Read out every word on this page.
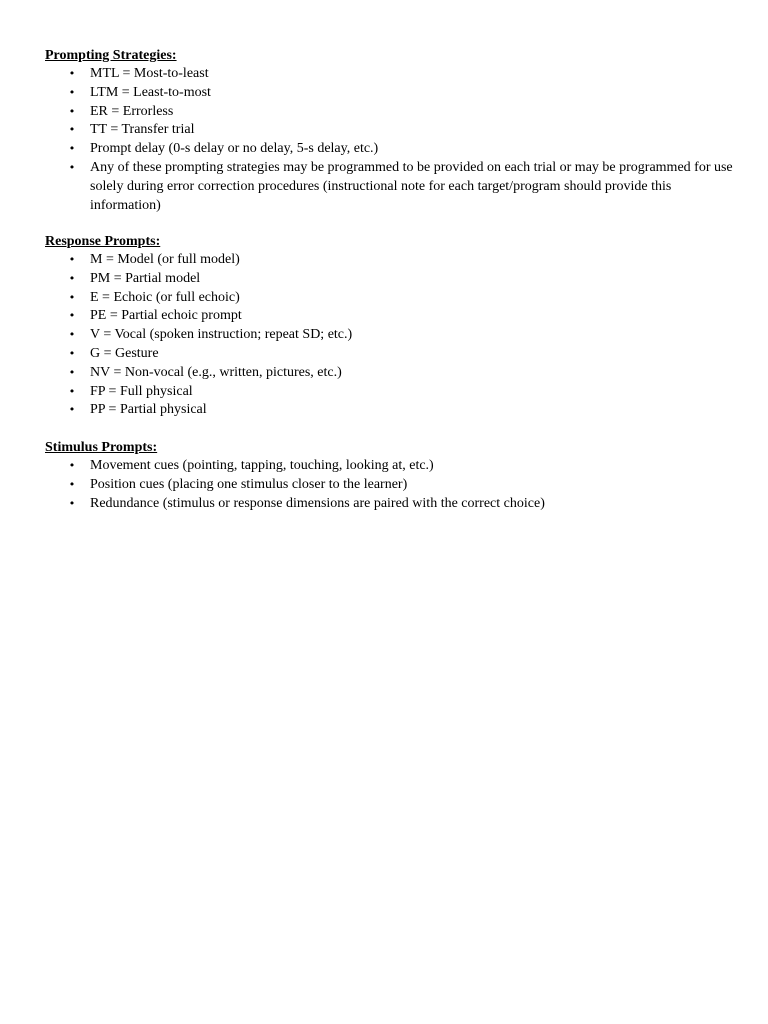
Prompting Strategies:

• MTL = Most-to-least
• LTM = Least-to-most
• ER = Errorless
• TT = Transfer trial
• Prompt delay (0-s delay or no delay, 5-s delay, etc.)
• Any of these prompting strategies may be programmed to be provided on each trial or may be programmed for use solely during error correction procedures (instructional note for each target/program should provide this information)

Response Prompts:

• M = Model (or full model)
• PM = Partial model
• E = Echoic (or full echoic)
• PE = Partial echoic prompt
• V = Vocal (spoken instruction; repeat SD; etc.)
• G = Gesture
• NV = Non-vocal (e.g., written, pictures, etc.)
• FP = Full physical
• PP = Partial physical

Stimulus Prompts:

• Movement cues (pointing, tapping, touching, looking at, etc.)
• Position cues (placing one stimulus closer to the learner)
• Redundance (stimulus or response dimensions are paired with the correct choice)
